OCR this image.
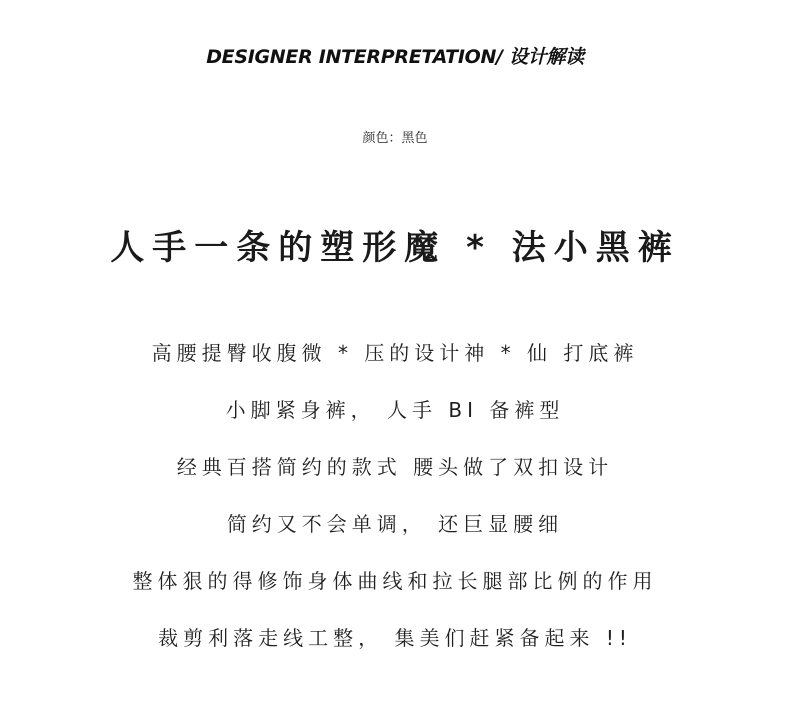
DESIGNER INTERPRETATION/ 设计解读
颜色：黑色
人手一条的塑形魔 * 法小黑裤
高腰提臀收腹微 * 压的设计神 * 仙 打底裤
小脚紧身裤， 人手 BI 备裤型
经典百搭简约的款式 腰头做了双扣设计
简约又不会单调， 还巨显腰细
整体狠的得修饰身体曲线和拉长腿部比例的作用
裁剪利落走线工整， 集美们赶紧备起来 !!
